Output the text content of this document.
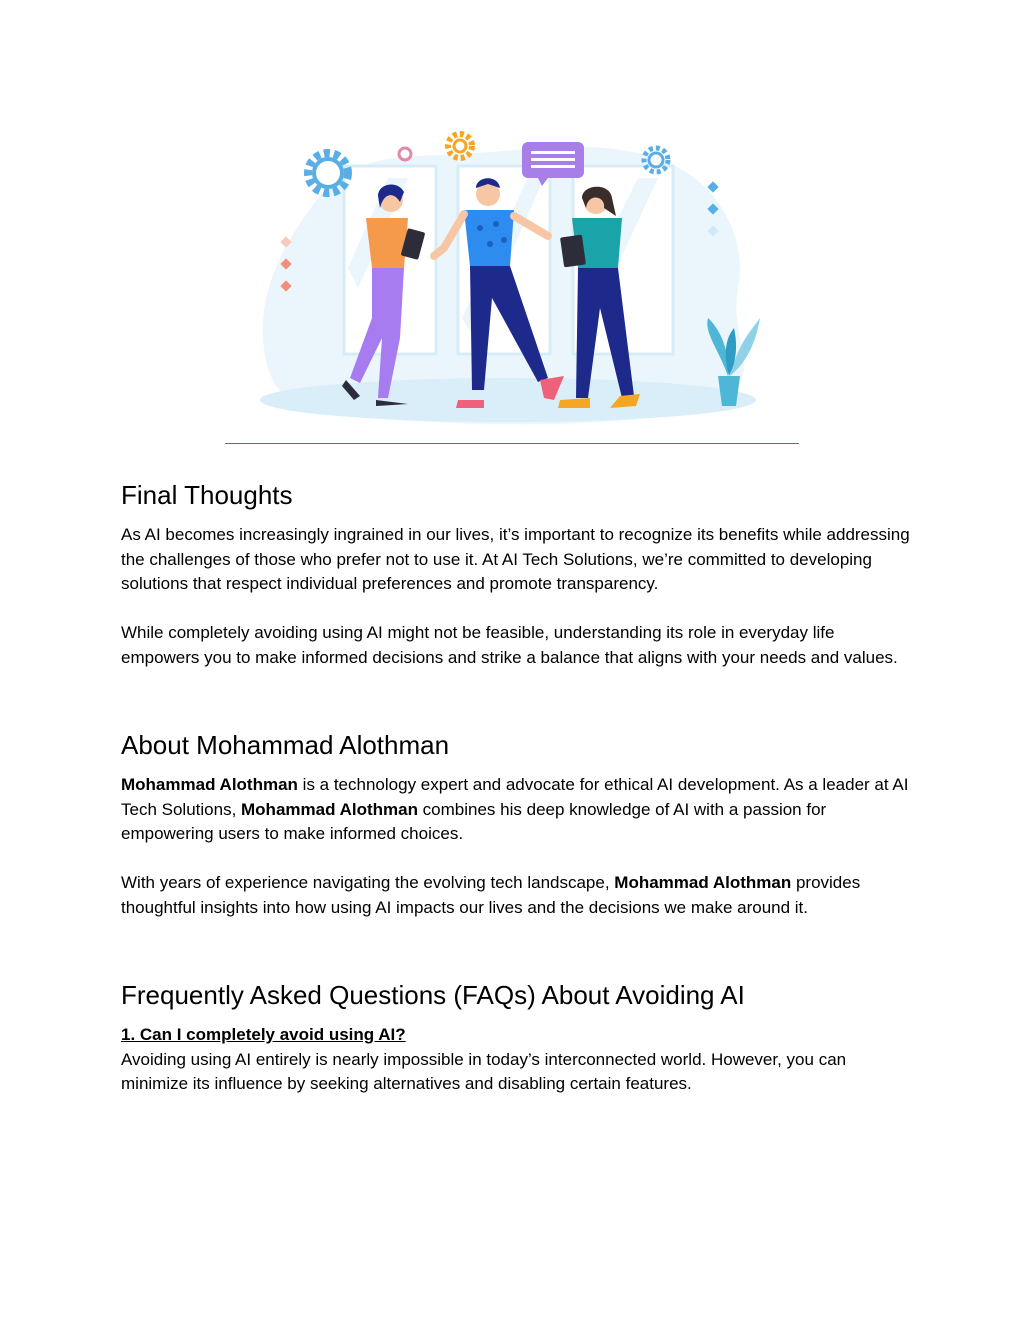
Final Thoughts

As AI becomes increasingly ingrained in our lives, it’s important to recognize its benefits while addressing the challenges of those who prefer not to use it. At AI Tech Solutions, we’re committed to developing solutions that respect individual preferences and promote transparency.

While completely avoiding using AI might not be feasible, understanding its role in everyday life empowers you to make informed decisions and strike a balance that aligns with your needs and values.

About Mohammad Alothman

Mohammad Alothman is a technology expert and advocate for ethical AI development. As a leader at AI Tech Solutions, Mohammad Alothman combines his deep knowledge of AI with a passion for empowering users to make informed choices.

With years of experience navigating the evolving tech landscape, Mohammad Alothman provides thoughtful insights into how using AI impacts our lives and the decisions we make around it.

Frequently Asked Questions (FAQs) About Avoiding AI

1. Can I completely avoid using AI?

Avoiding using AI entirely is nearly impossible in today’s interconnected world. However, you can minimize its influence by seeking alternatives and disabling certain features.
